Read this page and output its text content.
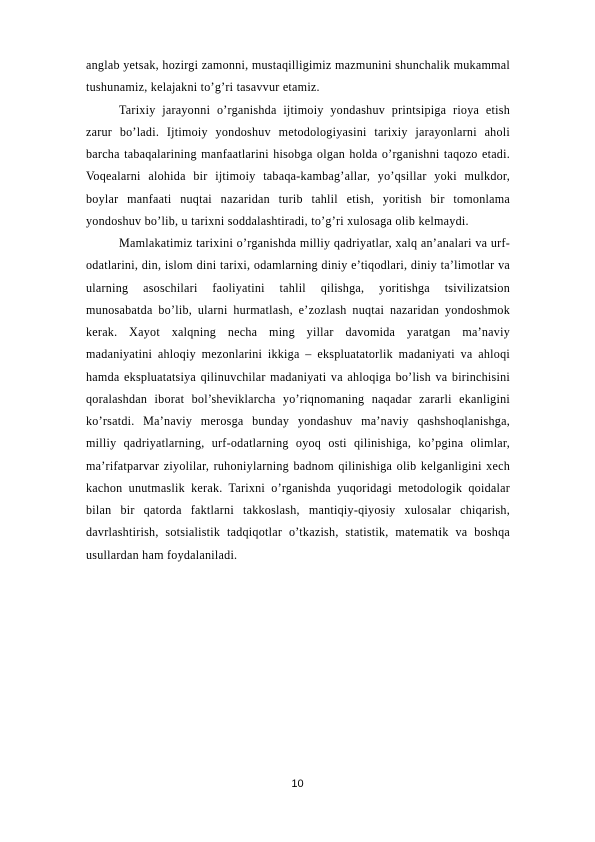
anglab yetsak, hozirgi zamonni, mustaqilligimiz mazmunini shunchalik mukammal tushunamiz, kelajakni to’g’ri tasavvur etamiz.

Tarixiy jarayonni o’rganishda ijtimoiy yondashuv printsipiga rioya etish zarur bo’ladi. Ijtimoiy yondoshuv metodologiyasini tarixiy jarayonlarni aholi barcha tabaqalarining manfaatlarini hisobga olgan holda o’rganishni taqozo etadi. Voqealarni alohida bir ijtimoiy tabaqa-kambag’allar, yo’qsillar yoki mulkdor, boylar manfaati nuqtai nazaridan turib tahlil etish, yoritish bir tomonlama yondoshuv bo’lib, u tarixni soddalashtiradi, to’g’ri xulosaga olib kelmaydi.

Mamlakatimiz tarixini o’rganishda milliy qadriyatlar, xalq an’analari va urf-odatlarini, din, islom dini tarixi, odamlarning diniy e’tiqodlari, diniy ta’limotlar va ularning asoschilari faoliyatini tahlil qilishga, yoritishga tsivilizatsion munosabatda bo’lib, ularni hurmatlash, e’zozlash nuqtai nazaridan yondoshmok kerak. Xayot xalqning necha ming yillar davomida yaratgan ma’naviy madaniyatini ahloqiy mezonlarini ikkiga – ekspluatatorlik madaniyati va ahloqi hamda ekspluatatsiya qilinuvchilar madaniyati va ahloqiga bo’lish va birinchisini qoralashdan iborat bol’sheviklarcha yo’riqnomaning naqadar zararli ekanligini ko’rsatdi. Ma’naviy merosga bunday yondashuv ma’naviy qashshoqlanishga, milliy qadriyatlarning, urf-odatlarning oyoq osti qilinishiga, ko’pgina olimlar, ma’rifatparvar ziyolilar, ruhoniylarning badnom qilinishiga olib kelganligini xech kachon unutmaslik kerak. Tarixni o’rganishda yuqoridagi metodologik qoidalar bilan bir qatorda faktlarni takkoslash, mantiqiy-qiyosiy xulosalar chiqarish, davrlashtirish, sotsialistik tadqiqotlar o’tkazish, statistik, matematik va boshqa usullardan ham foydalaniladi.

10
